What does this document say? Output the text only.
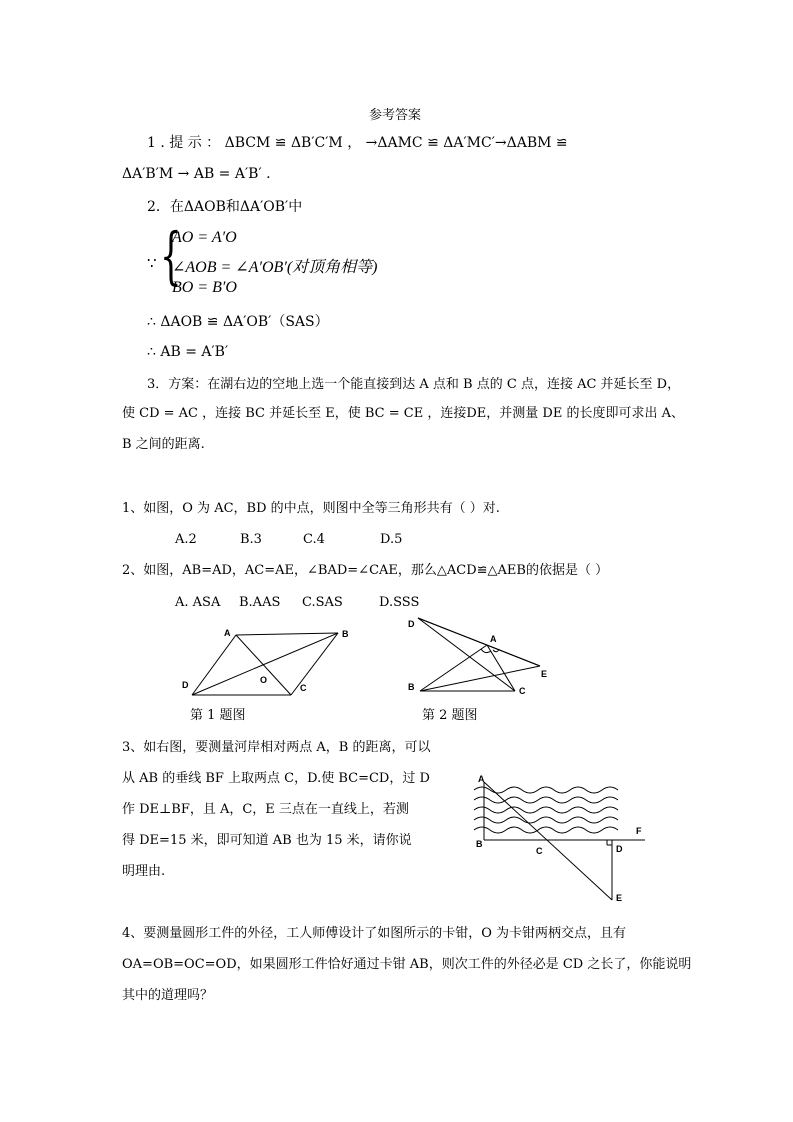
参考答案
1 . 提 示 ： ΔBCM ≌ ΔB′C′M ， →ΔAMC ≌ ΔA′MC′→ΔABM ≌
ΔA′B′M → AB = A′B′ .
2．在ΔAOB和ΔA′OB′中
∵ {
AO = A′O
∠AOB = ∠A′OB′(对顶角相等)
BO = B′O
∴ ΔAOB ≌ ΔA′OB′（SAS）
∴ AB = A′B′
3．方案：在湖右边的空地上选一个能直接到达 A 点和 B 点的 C 点，连接 AC 并延长至 D，
使 CD = AC ，连接 BC 并延长至 E，使 BC = CE ，连接DE，并测量 DE 的长度即可求出 A、
B 之间的距离.
1、如图，O 为 AC，BD 的中点，则图中全等三角形共有（ ）对.
A.2	B.3	C.4	D.5
2、如图，AB=AD，AC=AE，∠BAD=∠CAE，那么△ACD≌△AEB的依据是（ ）
A. ASA B.AAS C.SAS	D.SSS
A	B
D	O
C
第 1 题图
D
A
E
B	C
第 2 题图
3、如右图，要测量河岸相对两点 A，B 的距离，可以
从 AB 的垂线 BF 上取两点 C，D.使 BC=CD，过 D
作 DE⊥BF，且 A，C，E 三点在一直线上，若测
得 DE=15 米，即可知道 AB 也为 15 米，请你说
明理由.
A
F
B	D
C
E
4、要测量圆形工件的外径，工人师傅设计了如图所示的卡钳，O 为卡钳两柄交点，且有
OA=OB=OC=OD，如果圆形工件恰好通过卡钳 AB，则次工件的外径必是 CD 之长了，你能说明
其中的道理吗？
